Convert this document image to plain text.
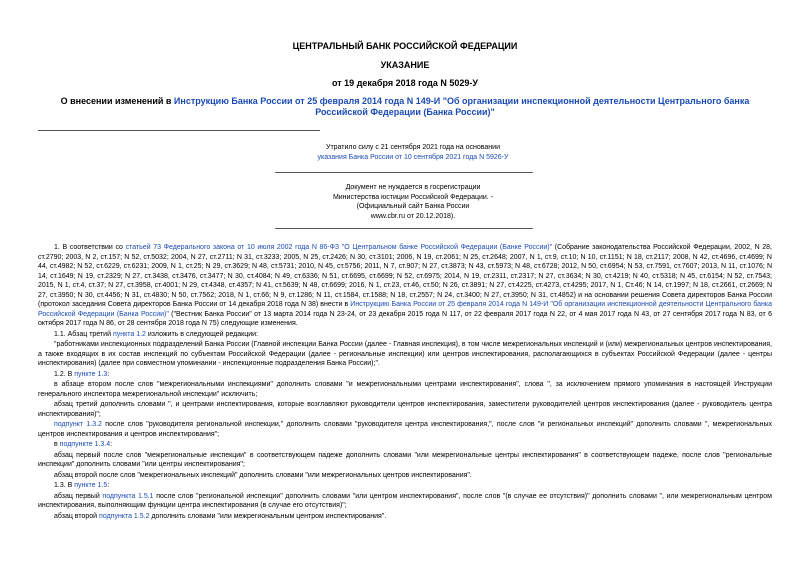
ЦЕНТРАЛЬНЫЙ БАНК РОССИЙСКОЙ ФЕДЕРАЦИИ
УКАЗАНИЕ
от 19 декабря 2018 года N 5029-У
О внесении изменений в Инструкцию Банка России от 25 февраля 2014 года N 149-И "Об организации инспекционной деятельности Центрального банка Российской Федерации (Банка России)"
Утратило силу с 21 сентября 2021 года на основании
указания Банка России от 10 сентября 2021 года N 5926-У
Документ не нуждается в госрегистрации
Министерства юстиции Российской Федерации. -
(Официальный сайт Банка России
www.cbr.ru от 20.12.2018).

1. В соответствии со статьей 73 Федерального закона от 10 июля 2002 года N 86-ФЗ "О Центральном банке Российской Федерации (Банке России)" (Собрание законодательства Российской Федерации, 2002, N 28, ст.2790; 2003, N 2, ст.157; N 52, ст.5032; 2004, N 27, ст.2711; N 31, ст.3233; 2005, N 25, ст.2426; N 30, ст.3101; 2006, N 19, ст.2061; N 25, ст.2648; 2007, N 1, ст.9, ст.10; N 10, ст.1151; N 18, ст.2117; 2008, N 42, ст.4696, ст.4699; N 44, ст.4982; N 52, ст.6229, ст.6231; 2009, N 1, ст.25; N 29, ст.3629; N 48, ст.5731; 2010, N 45, ст.5756; 2011, N 7, ст.907; N 27, ст.3873; N 43, ст.5973; N 48, ст.6728; 2012, N 50, ст.6954; N 53, ст.7591, ст.7607; 2013, N 11, ст.1076; N 14, ст.1649; N 19, ст.2329; N 27, ст.3438, ст.3476, ст.3477; N 30, ст.4084; N 49, ст.6336; N 51, ст.6695, ст.6699; N 52, ст.6975; 2014, N 19, ст.2311, ст.2317; N 27, ст.3634; N 30, ст.4219; N 40, ст.5318; N 45, ст.6154; N 52, ст.7543; 2015, N 1, ст.4, ст.37; N 27, ст.3958, ст.4001; N 29, ст.4348, ст.4357; N 41, ст.5639; N 48, ст.6699; 2016, N 1, ст.23, ст.46, ст.50; N 26, ст.3891; N 27, ст.4225, ст.4273, ст.4295; 2017, N 1, Ст.46; N 14, ст.1997; N 18, ст.2661, ст.2669; N 27, ст.3950; N 30, ст.4456; N 31, ст.4830; N 50, ст.7562; 2018, N 1, ст.66; N 9, ст.1286; N 11, ст.1584, ст.1588; N 18, ст.2557; N 24, ст.3400; N 27, ст.3950; N 31, ст.4852) и на основании решения Совета директоров Банка России (протокол заседания Совета директоров Банка России от 14 декабря 2018 года N 38) внести в Инструкцию Банка России от 25 февраля 2014 года N 149-И "Об организации инспекционной деятельности Центрального банка Российской Федерации (Банка России)" ("Вестник Банка России" от 13 марта 2014 года N 23-24, от 23 декабря 2015 года N 117, от 22 февраля 2017 года N 22, от 4 мая 2017 года N 43, от 27 сентября 2017 года N 83, от 6 октября 2017 года N 86, от 28 сентября 2018 года N 75) следующие изменения.

1.1. Абзац третий пункта 1.2 изложить в следующей редакции:

"работниками инспекционных подразделений Банка России (Главной инспекции Банка России (далее - Главная инспекция), в том числе межрегиональных инспекций и (или) межрегиональных центров инспектирования, а также входящих в их состав инспекций по субъектам Российской Федерации (далее - региональные инспекции) или центров инспектирования, располагающихся в субъектах Российской Федерации (далее - центры инспектирования) (далее при совместном упоминании - инспекционные подразделения Банка России);".

1.2. В пункте 1.3:

в абзаце втором после слов "межрегиональными инспекциями" дополнить словами "и межрегиональными центрами инспектирования", слова ", за исключением прямого упоминания в настоящей Инструкции генерального инспектора межрегиональной инспекции" исключить;

абзац третий дополнить словами ", и центрами инспектирования, которые возглавляют руководители центров инспектирования, заместители руководителей центров инспектирования (далее - руководитель центра инспектирования)";

подпункт 1.3.2 после слов "руководителя региональной инспекции," дополнить словами "руководителя центра инспектирования,", после слов "и региональных инспекций" дополнить словами ", межрегиональных центров инспектирования и центров инспектирования";

в подпункте 1.3.4:

абзац первый после слов "межрегиональные инспекции" в соответствующем падеже дополнить словами "или межрегиональные центры инспектирования" в соответствующем падеже, после слов "региональные инспекции" дополнить словами "или центры инспектирования";

абзац второй после слов "межрегиональных инспекций" дополнить словами "или межрегиональных центров инспектирования".

1.3. В пункте 1.5:

абзац первый подпункта 1.5.1 после слов "региональной инспекции" дополнить словами "или центром инспектирования", после слов "(в случае ее отсутствия)" дополнить словами ", или межрегиональным центром инспектирования, выполняющим функции центра инспектирования (в случае его отсутствия)";

абзац второй подпункта 1.5.2 дополнить словами "или межрегиональным центром инспектирования".
